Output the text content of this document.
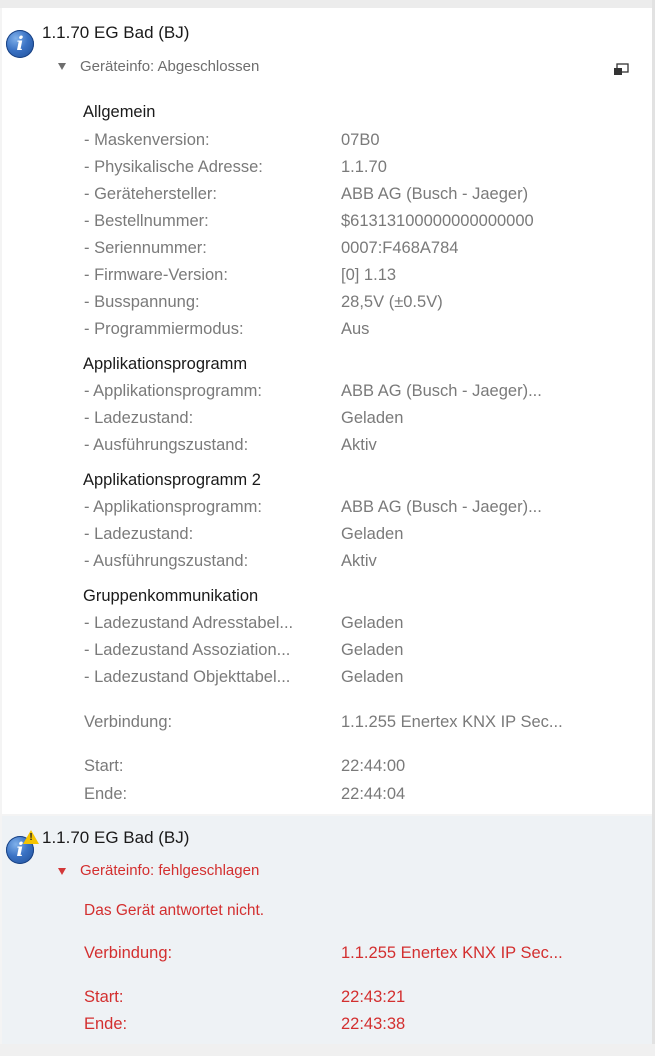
i
1.1.70 EG Bad (BJ)
Geräteinfo: Abgeschlossen
Allgemein
- Maskenversion:	07B0
- Physikalische Adresse:	1.1.70
- Gerätehersteller:	ABB AG (Busch - Jaeger)
- Bestellnummer:	$61313100000000000000
- Seriennummer:	0007:F468A784
- Firmware-Version:	[0] 1.13
- Busspannung:	28,5V (±0.5V)
- Programmiermodus:	Aus
Applikationsprogramm
- Applikationsprogramm:	ABB AG (Busch - Jaeger)...
- Ladezustand:	Geladen
- Ausführungszustand:	Aktiv
Applikationsprogramm 2
- Applikationsprogramm:	ABB AG (Busch - Jaeger)...
- Ladezustand:	Geladen
- Ausführungszustand:	Aktiv
Gruppenkommunikation
- Ladezustand Adresstabel...	Geladen
- Ladezustand Assoziation...	Geladen
- Ladezustand Objekttabel...	Geladen
Verbindung:	1.1.255 Enertex KNX IP Sec...
Start:	22:44:00
Ende:	22:44:04
i
! 1.1.70 EG Bad (BJ)
Geräteinfo: fehlgeschlagen
Das Gerät antwortet nicht.
Verbindung:	1.1.255 Enertex KNX IP Sec...
Start:	22:43:21
Ende:	22:43:38
